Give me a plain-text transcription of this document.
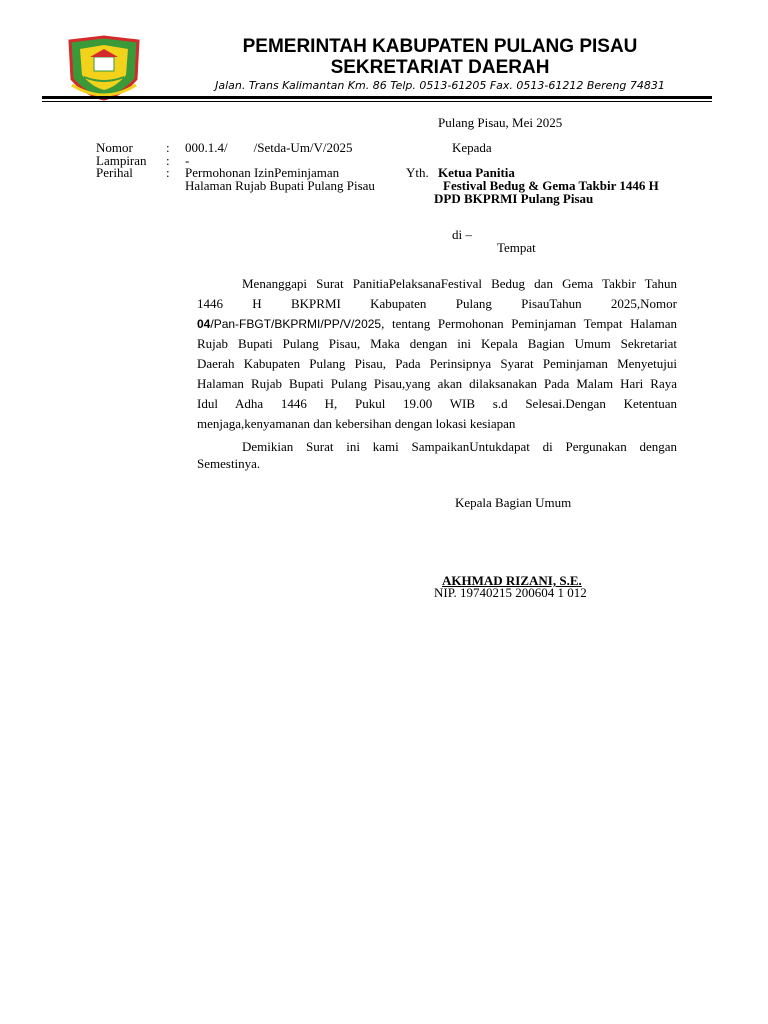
PEMERINTAH KABUPATEN PULANG PISAU
SEKRETARIAT DAERAH
Jalan. Trans Kalimantan Km. 86 Telp. 0513-61205 Fax. 0513-61212 Bereng 74831
Pulang Pisau, Mei 2025
Nomor	: 000.1.4/        /Setda-Um/V/2025
Lampiran : -
Perihal	: Permohonan IzinPeminjaman
Halaman Rujab Bupati Pulang Pisau
Kepada
Yth. Ketua Panitia
Festival Bedug & Gema Takbir 1446 H
DPD BKPRMI Pulang Pisau
di –
Tempat
Menanggapi Surat PanitiaPelaksanaFestival Bedug dan Gema Takbir Tahun
1446 H BKPRMI Kabupaten Pulang PisauTahun 2025,Nomor
04/Pan-FBGT/BKPRMI/PP/V/2025, tentang Permohonan Peminjaman Tempat Halaman
Rujab Bupati Pulang Pisau, Maka dengan ini Kepala Bagian Umum Sekretariat
Daerah Kabupaten Pulang Pisau, Pada Perinsipnya Syarat Peminjaman Menyetujui
Halaman Rujab Bupati Pulang Pisau,yang akan dilaksanakan Pada Malam Hari Raya
Idul Adha 1446 H, Pukul 19.00 WIB s.d Selesai.Dengan Ketentuan
menjaga,kenyamanan dan kebersihan dengan lokasi kesiapan
Demikian Surat ini kami SampaikanUntukdapat di Pergunakan dengan
Semestinya.
Kepala Bagian Umum
AKHMAD RIZANI, S.E.
NIP. 19740215 200604 1 012
